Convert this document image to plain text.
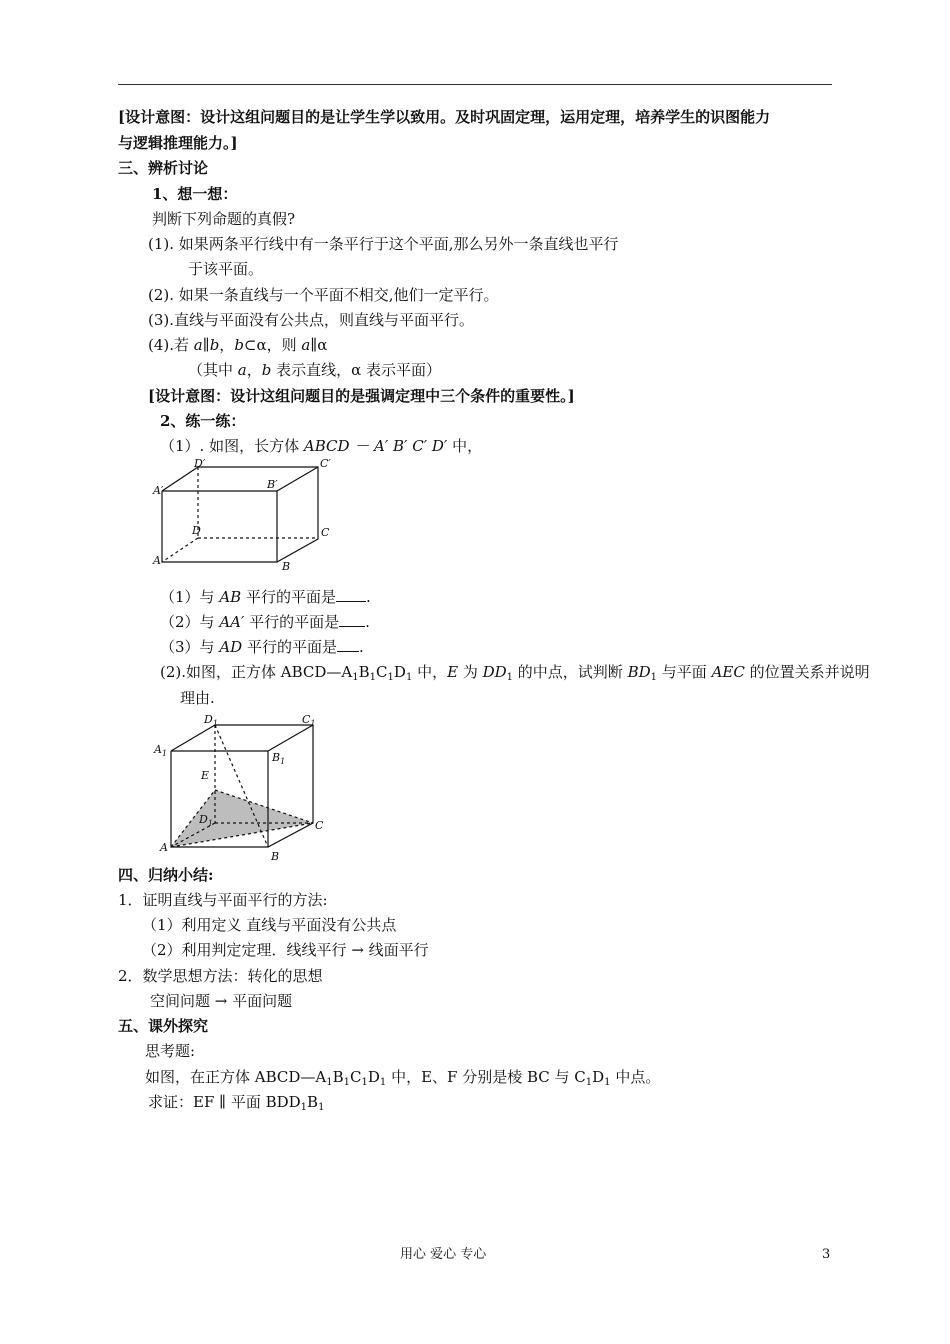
[设计意图：设计这组问题目的是让学生学以致用。及时巩固定理，运用定理，培养学生的识图能力
与逻辑推理能力。]
三、辨析讨论
1、想一想：
判断下列命题的真假?
(1). 如果两条平行线中有一条平行于这个平面,那么另外一条直线也平行
于该平面。
(2). 如果一条直线与一个平面不相交,他们一定平行。
(3).直线与平面没有公共点，则直线与平面平行。
(4).若 a∥b，b⊂α，则 a∥α
（其中 a，b 表示直线，α 表示平面）
[设计意图：设计这组问题目的是强调定理中三个条件的重要性。]
2、练一练：
（1）. 如图，长方体 ABCD － A′ B′ C′ D′ 中，
D′	C′
A′	B′
D	C
A	B
（1）与 AB 平行的平面是 .
（2）与 AA′ 平行的平面是 .
（3）与 AD 平行的平面是 .
(2).如图，正方体 $ABCD—A_1B_1C_1D_1$ 中，E 为 $DD_1$ 的中点，试判断 $BD_1$ 与平面 AEC 的位置关系并说明
理由.
$D_1$	$C_1$
$A_1$	$B_1$
E
$D_1$	C
A
B
四、归纳小结:
1．证明直线与平面平行的方法:
（1）利用定义 直线与平面没有公共点
（2）利用判定定理．线线平行 → 线面平行
2．数学思想方法：转化的思想
空间问题 → 平面问题
五、课外探究
思考题:
如图，在正方体 $ABCD—A_1B_1C_1D_1$ 中，E、F 分别是棱 BC 与 $C_1D_1$ 中点。
求证：EF ∥ 平面 $BDD_1B_1$
用心 爱心 专心	3
